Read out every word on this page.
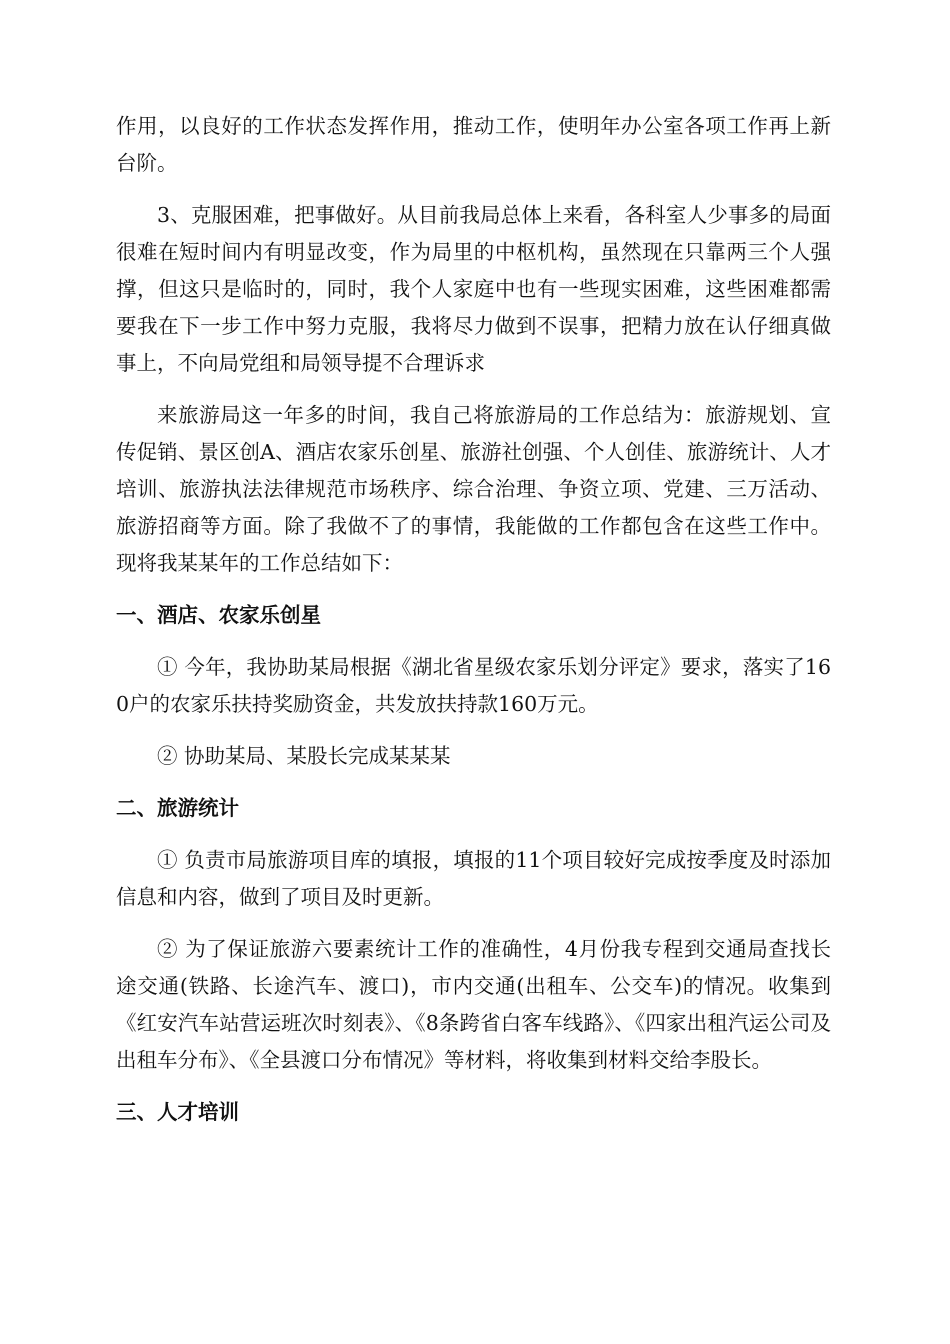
作用，以良好的工作状态发挥作用，推动工作，使明年办公室各项工作再上新台阶。

3、克服困难，把事做好。从目前我局总体上来看，各科室人少事多的局面很难在短时间内有明显改变，作为局里的中枢机构，虽然现在只靠两三个人强撑，但这只是临时的，同时，我个人家庭中也有一些现实困难，这些困难都需要我在下一步工作中努力克服，我将尽力做到不误事，把精力放在认仔细真做事上，不向局党组和局领导提不合理诉求

来旅游局这一年多的时间，我自己将旅游局的工作总结为：旅游规划、宣传促销、景区创A、酒店农家乐创星、旅游社创强、个人创佳、旅游统计、人才培训、旅游执法法律规范市场秩序、综合治理、争资立项、党建、三万活动、旅游招商等方面。除了我做不了的事情，我能做的工作都包含在这些工作中。现将我某某年的工作总结如下：

一、酒店、农家乐创星

① 今年，我协助某局根据《湖北省星级农家乐划分评定》要求，落实了160户的农家乐扶持奖励资金，共发放扶持款160万元。

② 协助某局、某股长完成某某某

二、旅游统计

① 负责市局旅游项目库的填报，填报的11个项目较好完成按季度及时添加信息和内容，做到了项目及时更新。

② 为了保证旅游六要素统计工作的准确性，4月份我专程到交通局查找长途交通(铁路、长途汽车、渡口)，市内交通(出租车、公交车)的情况。收集到《红安汽车站营运班次时刻表》、《8条跨省白客车线路》、《四家出租汽运公司及出租车分布》、《全县渡口分布情况》等材料，将收集到材料交给李股长。

三、人才培训
